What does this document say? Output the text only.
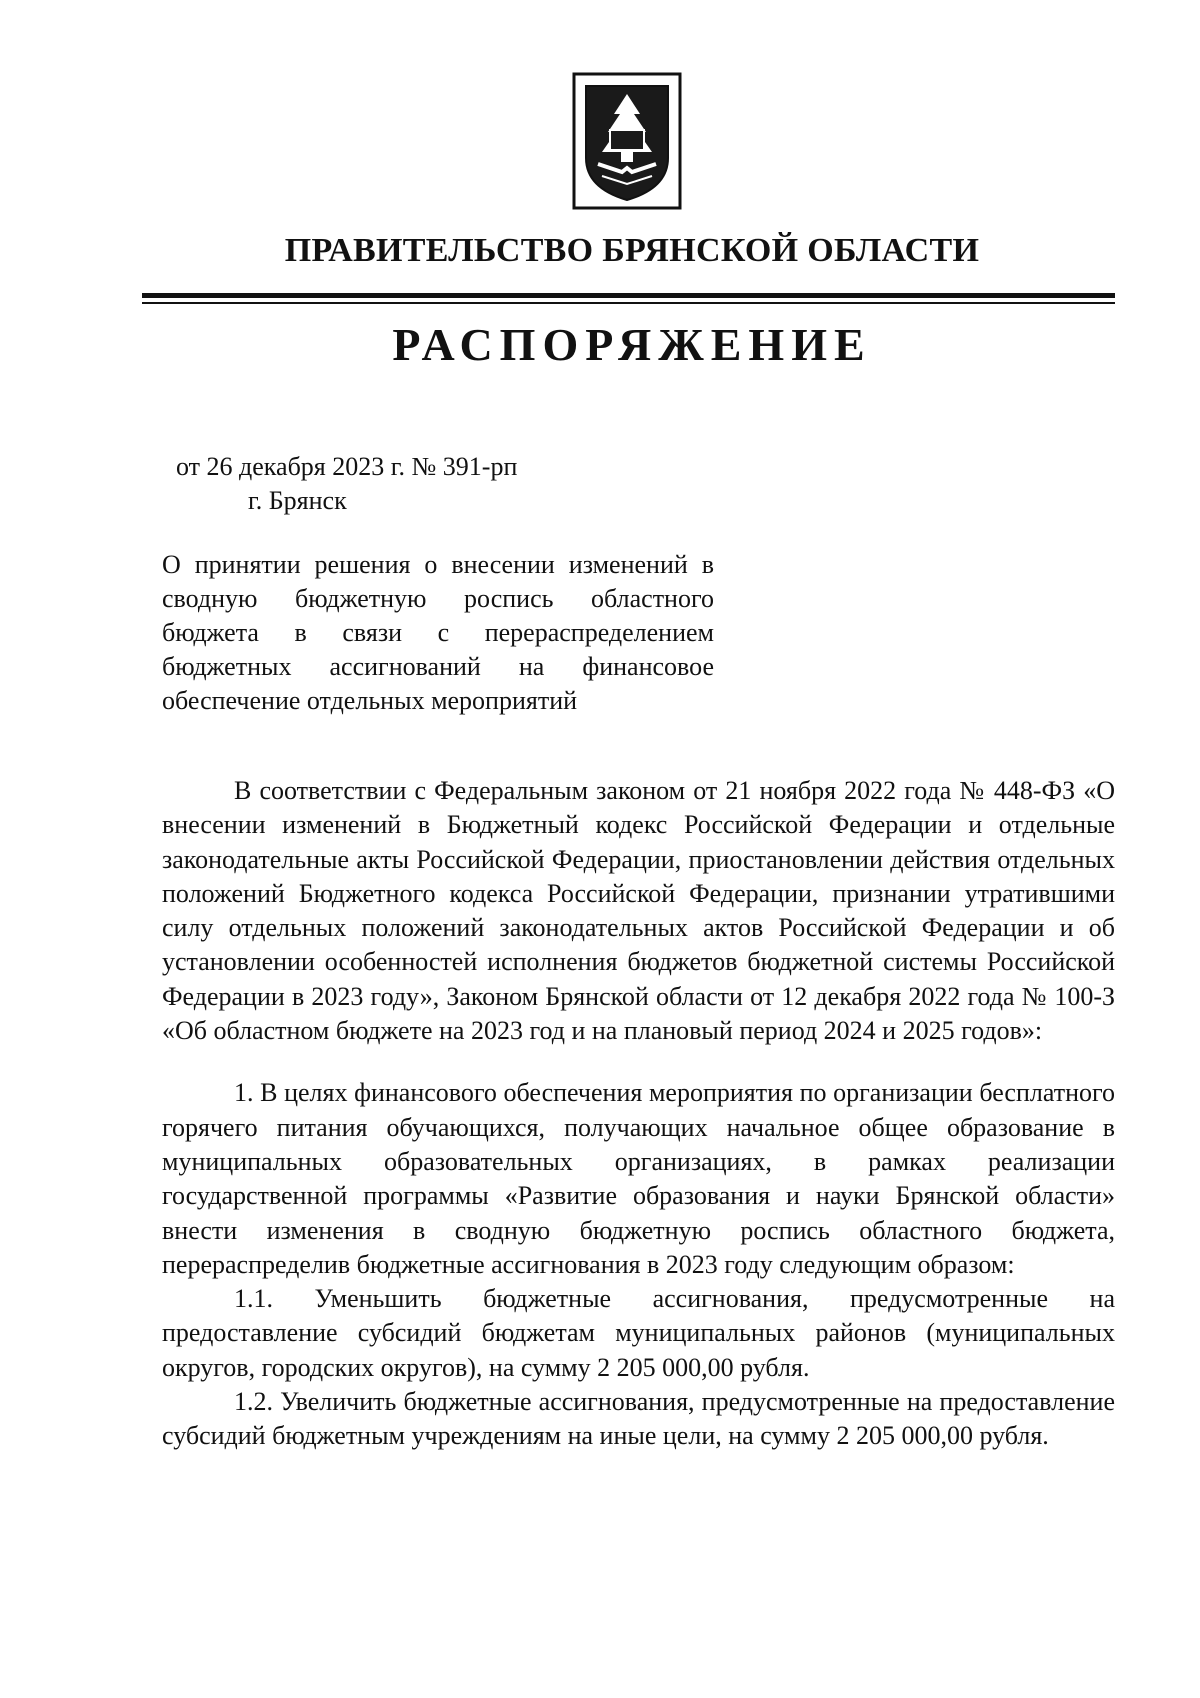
ПРАВИТЕЛЬСТВО БРЯНСКОЙ ОБЛАСТИ
РАСПОРЯЖЕНИЕ
от 26 декабря 2023 г. № 391-рп
г. Брянск

О принятии решения о внесении изменений в сводную бюджетную роспись областного бюджета в связи с перераспределением бюджетных ассигнований на финансовое обеспечение отдельных мероприятий

В соответствии с Федеральным законом от 21 ноября 2022 года № 448-ФЗ «О внесении изменений в Бюджетный кодекс Российской Федерации и отдельные законодательные акты Российской Федерации, приостановлении действия отдельных положений Бюджетного кодекса Российской Федерации, признании утратившими силу отдельных положений законодательных актов Российской Федерации и об установлении особенностей исполнения бюджетов бюджетной системы Российской Федерации в 2023 году», Законом Брянской области от 12 декабря 2022 года № 100-З «Об областном бюджете на 2023 год и на плановый период 2024 и 2025 годов»:

1. В целях финансового обеспечения мероприятия по организации бесплатного горячего питания обучающихся, получающих начальное общее образование в муниципальных образовательных организациях, в рамках реализации государственной программы «Развитие образования и науки Брянской области» внести изменения в сводную бюджетную роспись областного бюджета, перераспределив бюджетные ассигнования в 2023 году следующим образом:

1.1. Уменьшить бюджетные ассигнования, предусмотренные на предоставление субсидий бюджетам муниципальных районов (муниципальных округов, городских округов), на сумму 2 205 000,00 рубля.

1.2. Увеличить бюджетные ассигнования, предусмотренные на предоставление субсидий бюджетным учреждениям на иные цели, на сумму 2 205 000,00 рубля.
